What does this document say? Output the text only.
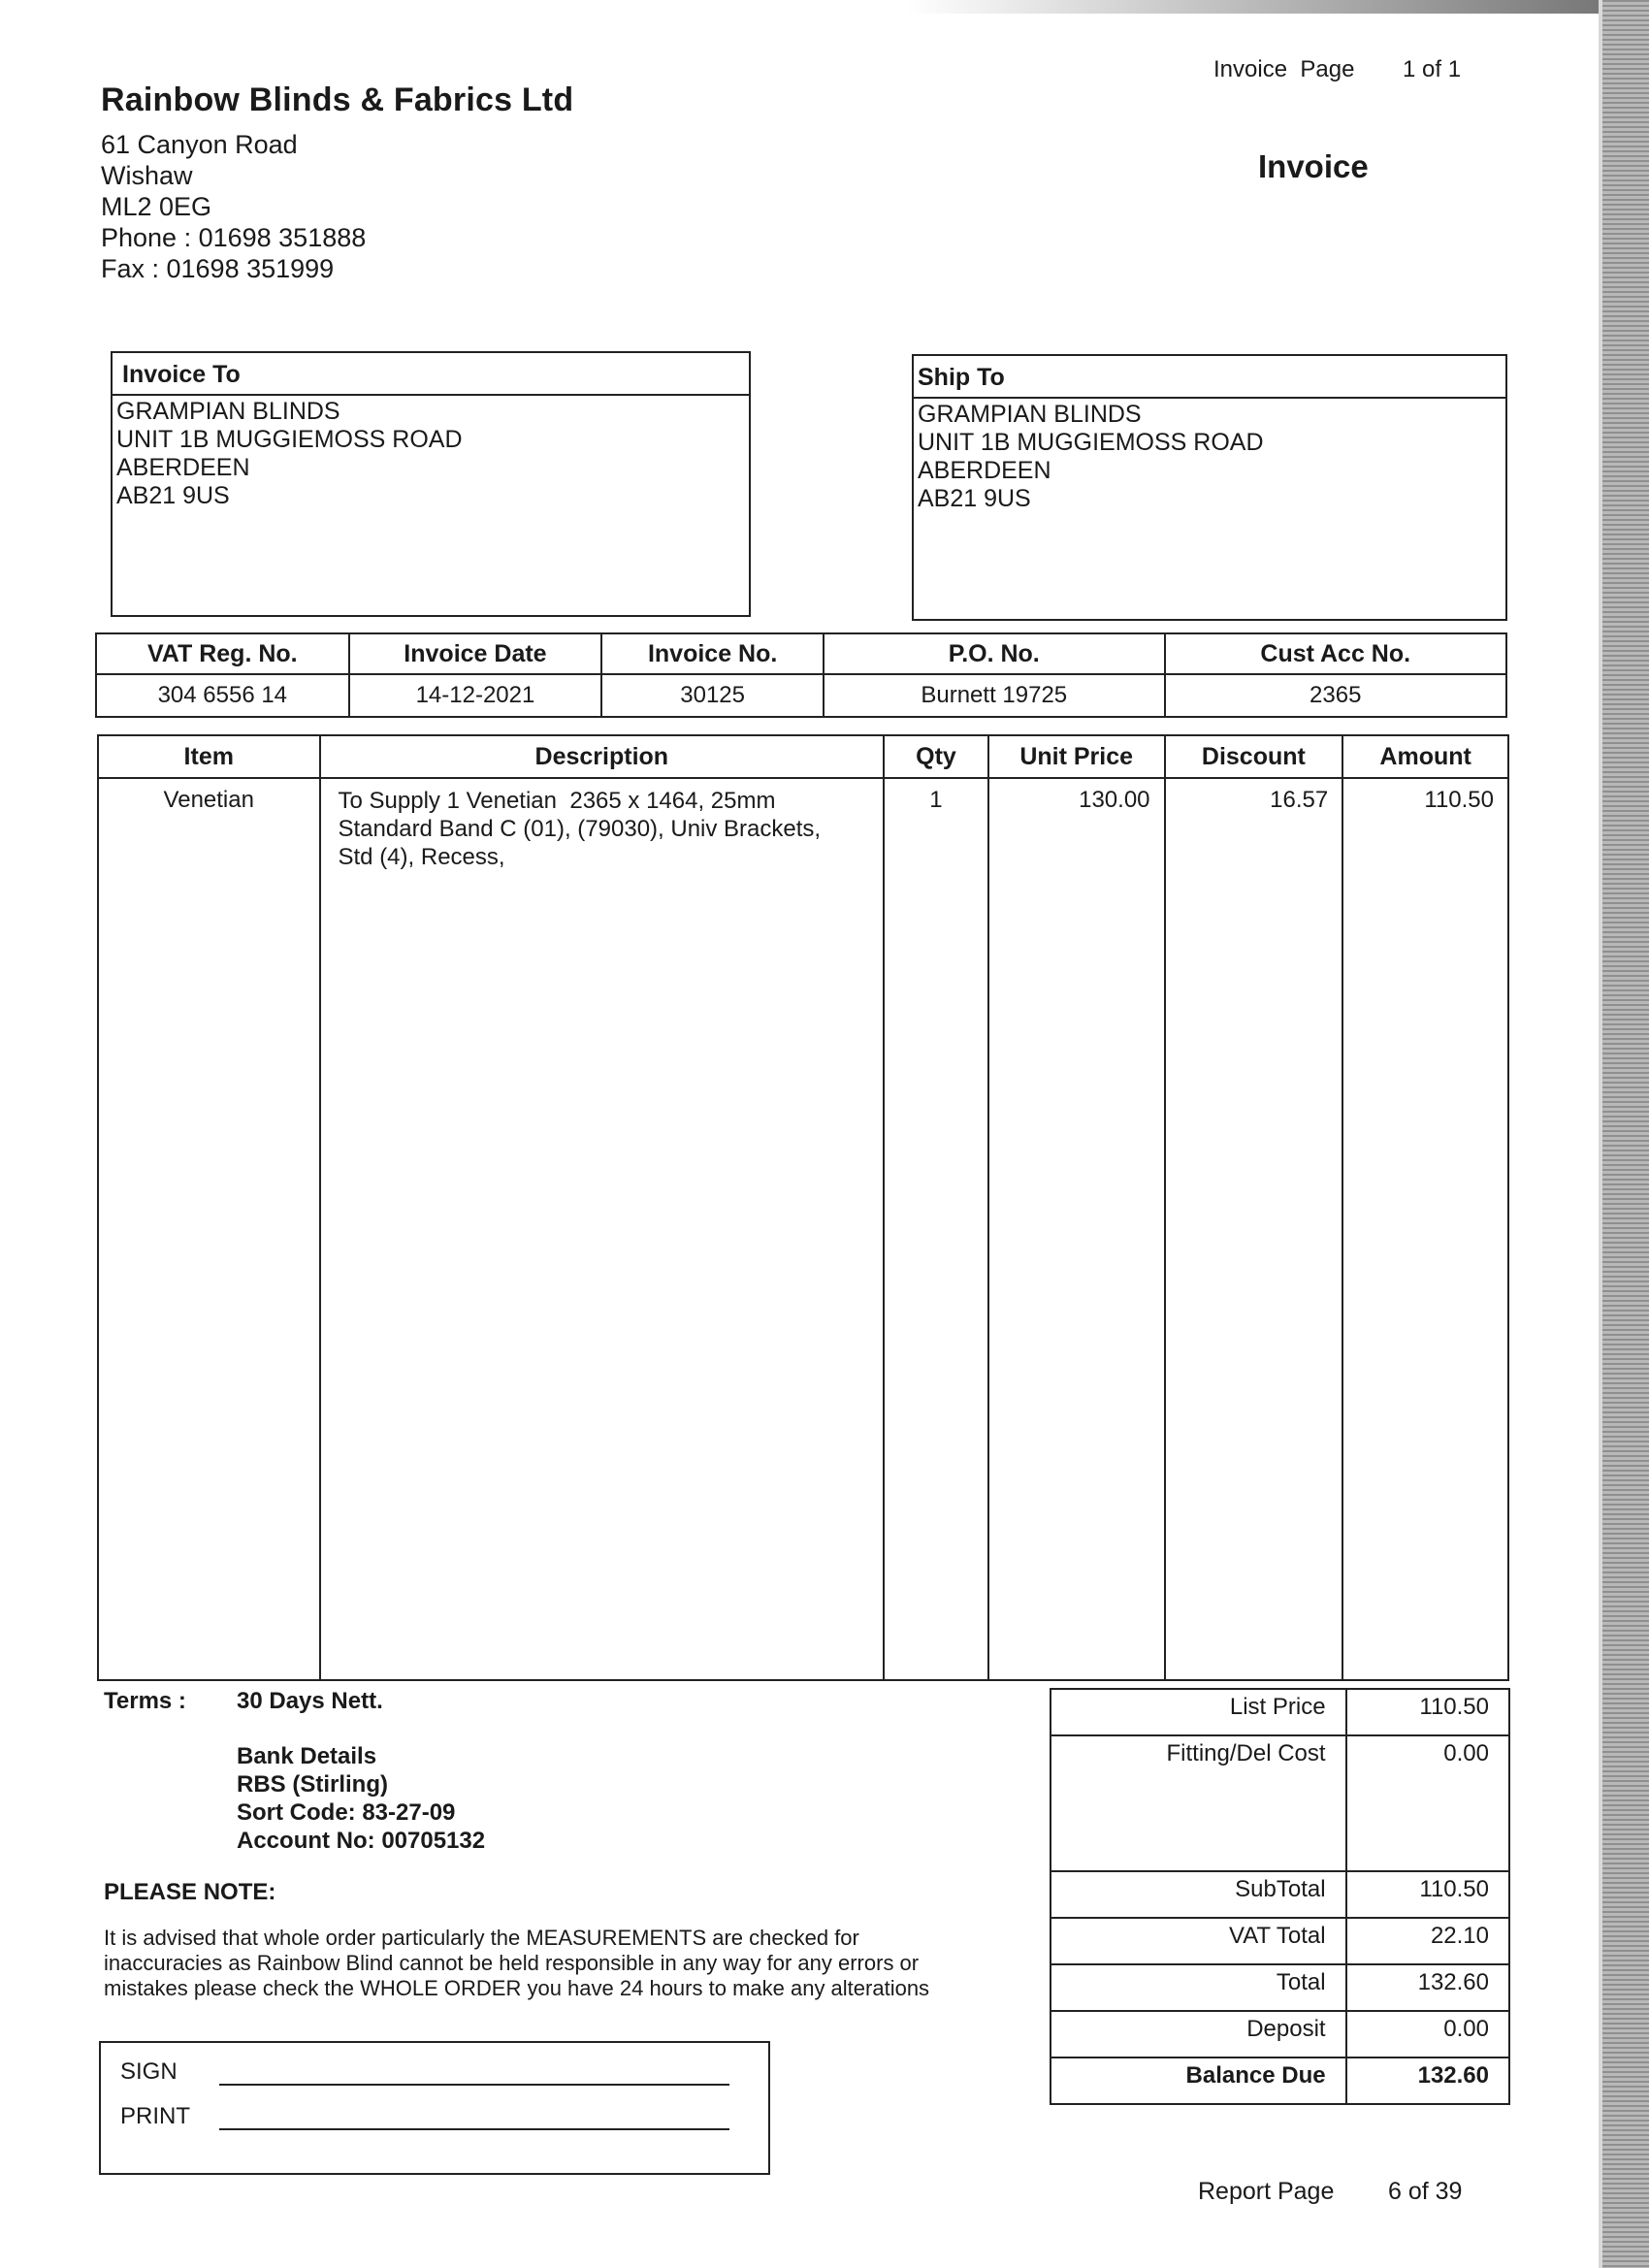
Rainbow Blinds & Fabrics Ltd
61 Canyon Road
Wishaw
ML2 0EG
Phone : 01698 351888
Fax : 01698 351999
Invoice  Page 1 of 1
Invoice
Invoice To
GRAMPIAN BLINDS
UNIT 1B MUGGIEMOSS ROAD
ABERDEEN
AB21 9US
Ship To
GRAMPIAN BLINDS
UNIT 1B MUGGIEMOSS ROAD
ABERDEEN
AB21 9US
VAT Reg. No.	Invoice Date	Invoice No.	P.O. No.	Cust Acc No.
304 6556 14	14-12-2021	30125	Burnett 19725	2365
Item	Description	Qty	Unit Price	Discount	Amount
Venetian	To Supply 1 Venetian  2365 x 1464, 25mm
Standard Band C (01), (79030), Univ Brackets,
Std (4), Recess,	1	130.00	16.57	110.50
Terms : 30 Days Nett.
Bank Details
RBS (Stirling)
Sort Code: 83-27-09
Account No: 00705132
PLEASE NOTE:
It is advised that whole order particularly the MEASUREMENTS are checked for
inaccuracies as Rainbow Blind cannot be held responsible in any way for any errors or
mistakes please check the WHOLE ORDER you have 24 hours to make any alterations
SIGN
PRINT
List Price	110.50
Fitting/Del Cost	0.00
SubTotal	110.50
VAT Total	22.10
Total	132.60
Deposit	0.00
Balance Due	132.60
Report Page 6 of 39
